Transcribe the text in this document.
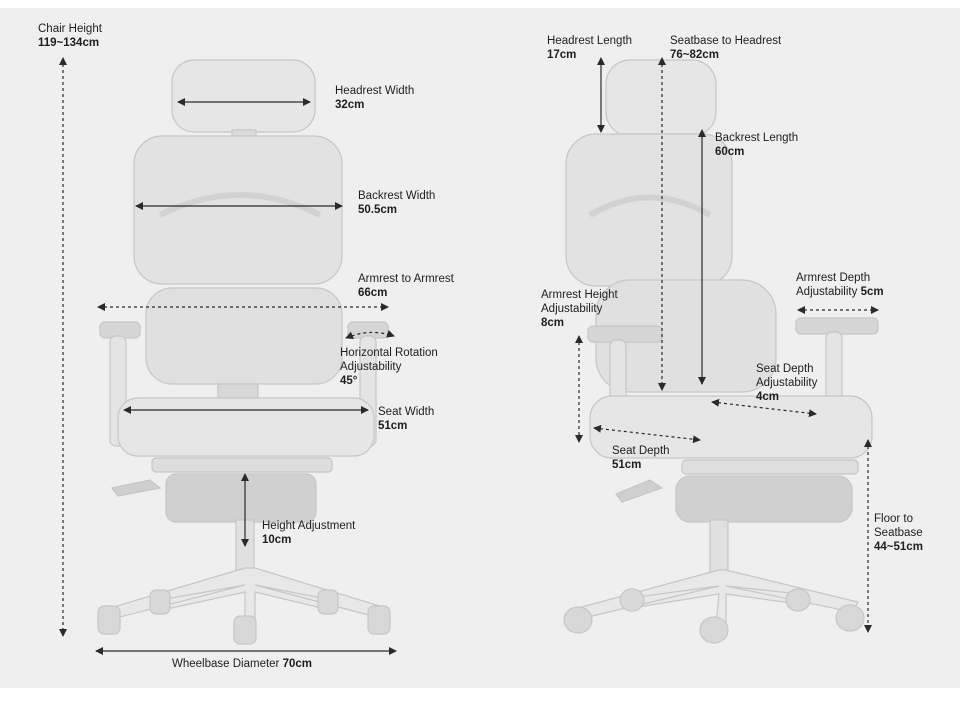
Chair Height
119~134cm
Headrest Width
32cm
Backrest Width
50.5cm
Armrest to Armrest
66cm
Horizontal Rotation
Adjustability
45°
Seat Width
51cm
Height Adjustment
10cm
Wheelbase Diameter 70cm
Headrest Length
17cm
Seatbase to Headrest
76~82cm
Backrest Length
60cm
Armrest Depth
Adjustability 5cm
Armrest Height
Adjustability
8cm
Seat Depth
Adjustability
4cm
Seat Depth
51cm
Floor to
Seatbase
44~51cm
